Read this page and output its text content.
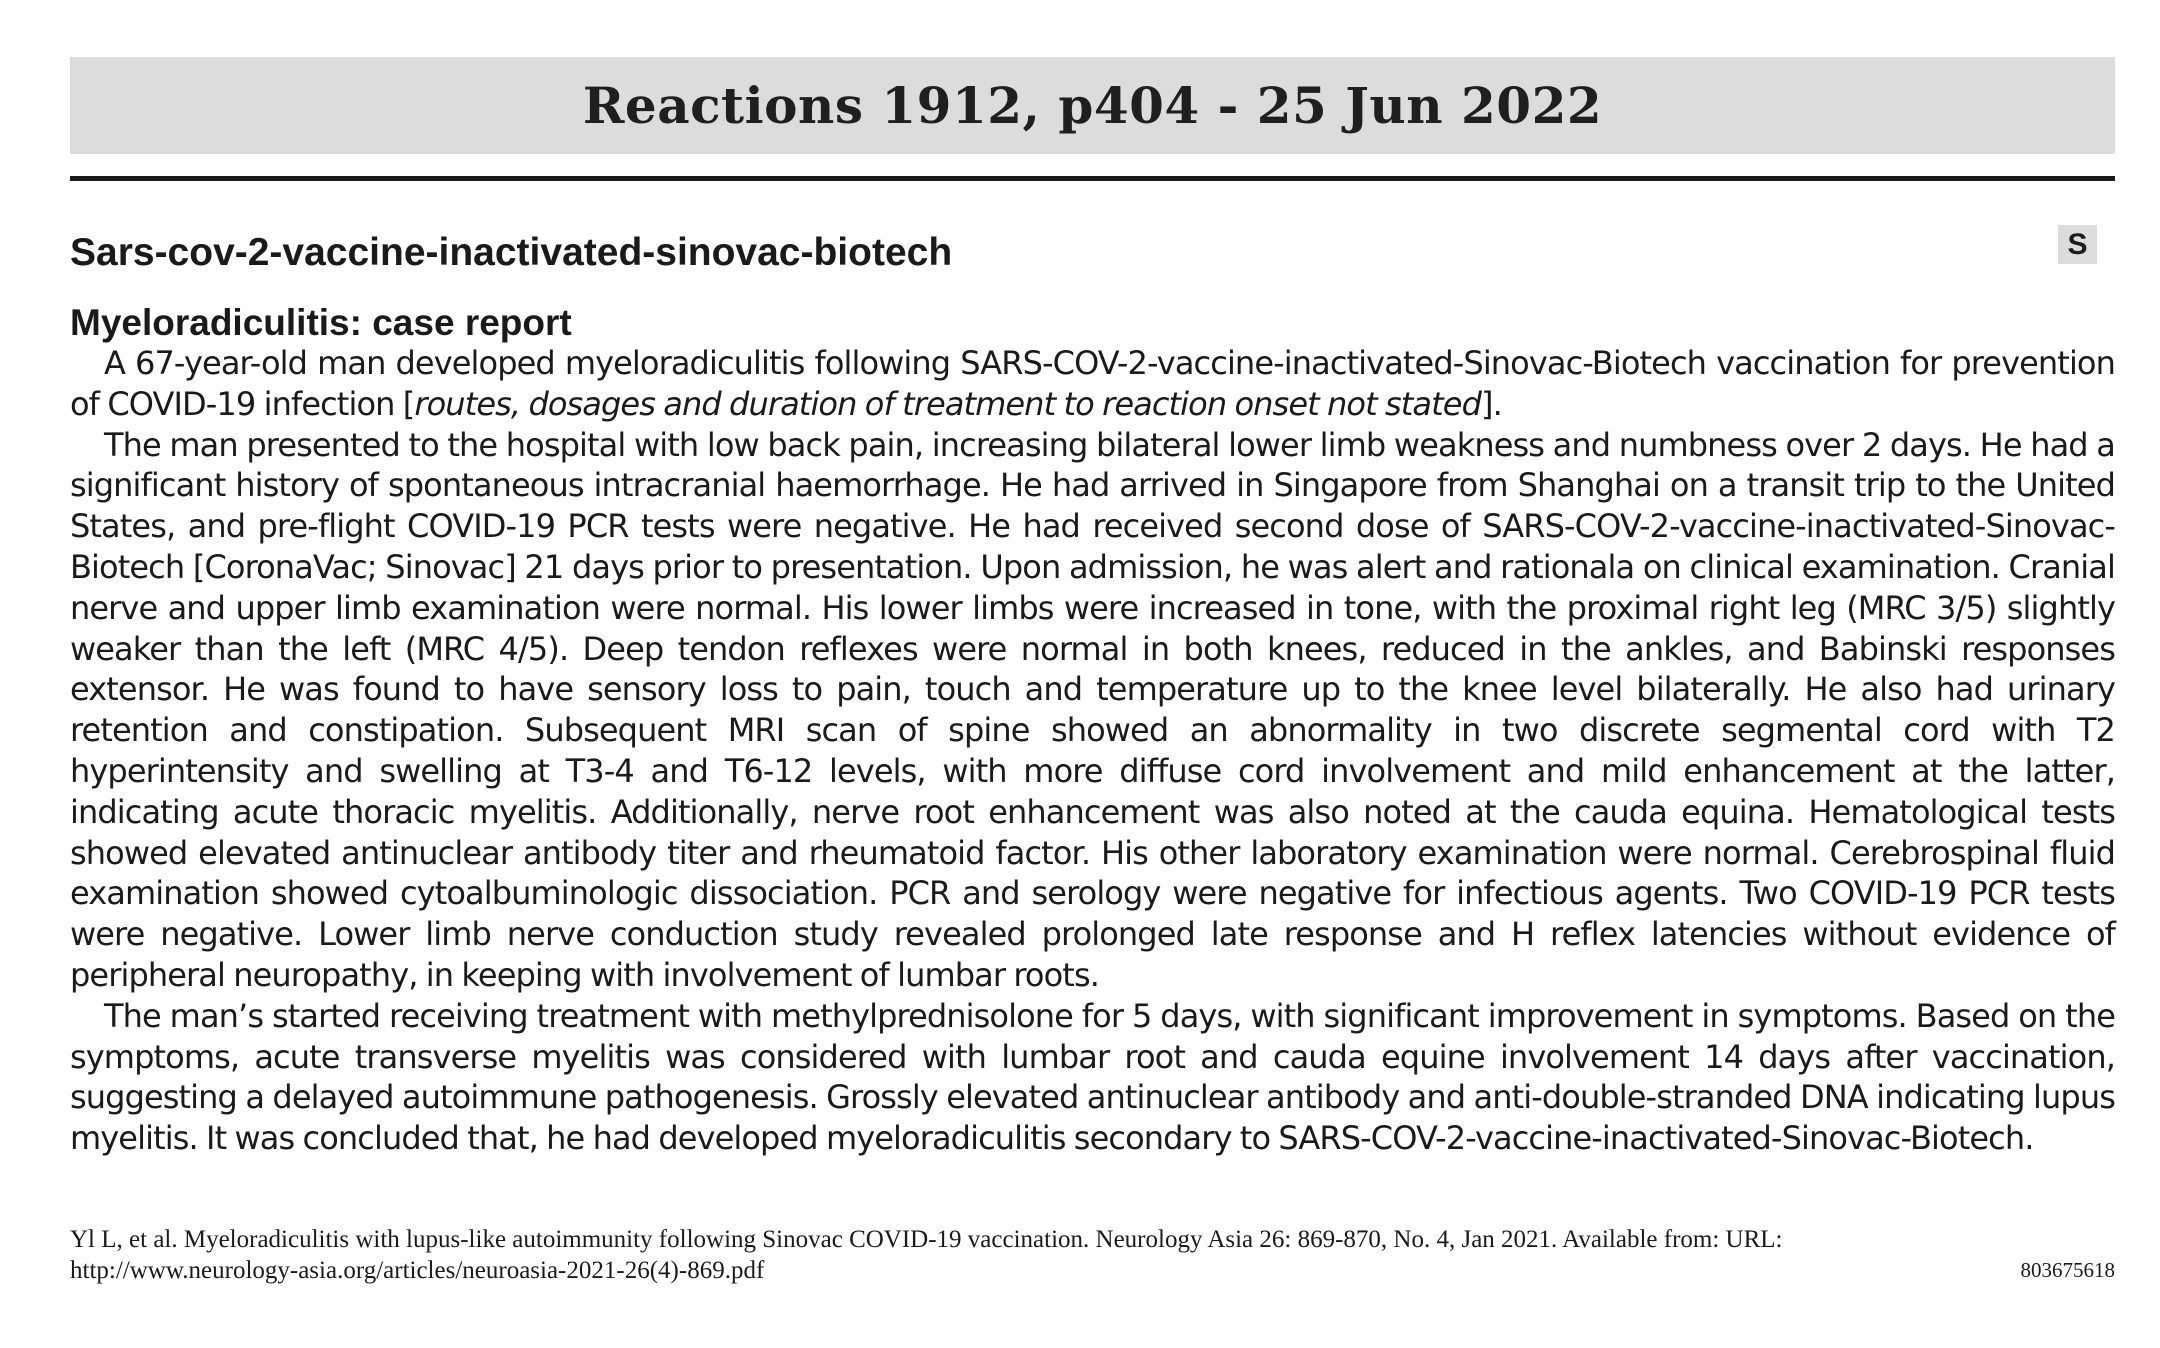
Reactions 1912, p404 - 25 Jun 2022
Sars-cov-2-vaccine-inactivated-sinovac-biotech	S
Myeloradiculitis: case report

A 67-year-old man developed myeloradiculitis following SARS-COV-2-vaccine-inactivated-Sinovac-Biotech vaccination for prevention of COVID-19 infection [routes, dosages and duration of treatment to reaction onset not stated].

The man presented to the hospital with low back pain, increasing bilateral lower limb weakness and numbness over 2 days. He had a significant history of spontaneous intracranial haemorrhage. He had arrived in Singapore from Shanghai on a transit trip to the United States, and pre-flight COVID-19 PCR tests were negative. He had received second dose of SARS-COV-2-vaccine-inactivated-Sinovac-Biotech [CoronaVac; Sinovac] 21 days prior to presentation. Upon admission, he was alert and rationala on clinical examination. Cranial nerve and upper limb examination were normal. His lower limbs were increased in tone, with the proximal right leg (MRC 3/5) slightly weaker than the left (MRC 4/5). Deep tendon reflexes were normal in both knees, reduced in the ankles, and Babinski responses extensor. He was found to have sensory loss to pain, touch and temperature up to the knee level bilaterally. He also had urinary retention and constipation. Subsequent MRI scan of spine showed an abnormality in two discrete segmental cord with T2 hyperintensity and swelling at T3-4 and T6-12 levels, with more diffuse cord involvement and mild enhancement at the latter, indicating acute thoracic myelitis. Additionally, nerve root enhancement was also noted at the cauda equina. Hematological tests showed elevated antinuclear antibody titer and rheumatoid factor. His other laboratory examination were normal. Cerebrospinal fluid examination showed cytoalbuminologic dissociation. PCR and serology were negative for infectious agents. Two COVID-19 PCR tests were negative. Lower limb nerve conduction study revealed prolonged late response and H reflex latencies without evidence of peripheral neuropathy, in keeping with involvement of lumbar roots.

The man’s started receiving treatment with methylprednisolone for 5 days, with significant improvement in symptoms. Based on the symptoms, acute transverse myelitis was considered with lumbar root and cauda equine involvement 14 days after vaccination, suggesting a delayed autoimmune pathogenesis. Grossly elevated antinuclear antibody and anti-double-stranded DNA indicating lupus myelitis. It was concluded that, he had developed myeloradiculitis secondary to SARS-COV-2-vaccine-inactivated-Sinovac-Biotech.

Yl L, et al. Myeloradiculitis with lupus-like autoimmunity following Sinovac COVID-19 vaccination. Neurology Asia 26: 869-870, No. 4, Jan 2021. Available from: URL:
http://www.neurology-asia.org/articles/neuroasia-2021-26(4)-869.pdf	803675618
